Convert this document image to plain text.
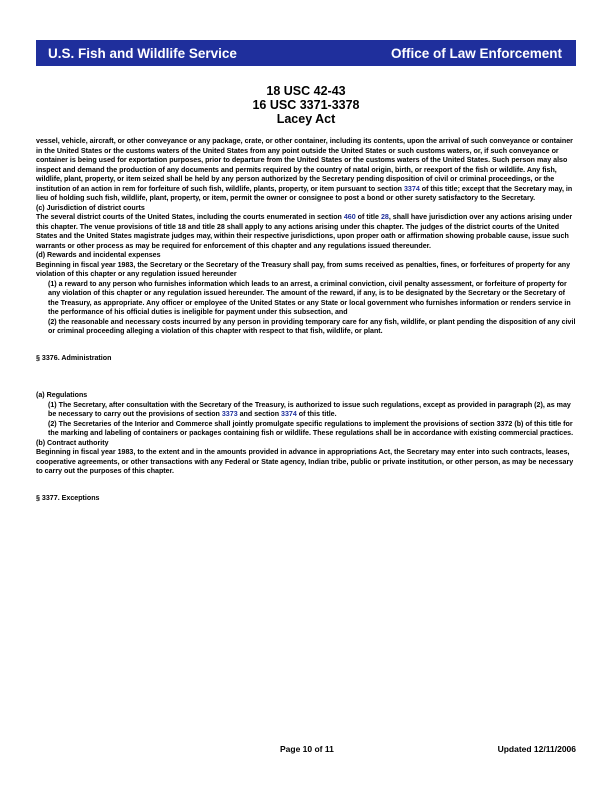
U.S. Fish and Wildlife Service	Office of Law Enforcement
18 USC 42-43
16 USC 3371-3378
Lacey Act

vessel, vehicle, aircraft, or other conveyance or any package, crate, or other container, including its contents, upon the arrival of such conveyance or container in the United States or the customs waters of the United States from any point outside the United States or such customs waters, or, if such conveyance or container is being used for exportation purposes, prior to departure from the United States or the customs waters of the United States. Such person may also inspect and demand the production of any documents and permits required by the country of natal origin, birth, or reexport of the fish or wildlife. Any fish, wildlife, plant, property, or item seized shall be held by any person authorized by the Secretary pending disposition of civil or criminal proceedings, or the institution of an action in rem for forfeiture of such fish, wildlife, plants, property, or item pursuant to section 3374 of this title; except that the Secretary may, in lieu of holding such fish, wildlife, plant, property, or item, permit the owner or consignee to post a bond or other surety satisfactory to the Secretary.

(c) Jurisdiction of district courts

The several district courts of the United States, including the courts enumerated in section 460 of title 28, shall have jurisdiction over any actions arising under this chapter. The venue provisions of title 18 and title 28 shall apply to any actions arising under this chapter. The judges of the district courts of the United States and the United States magistrate judges may, within their respective jurisdictions, upon proper oath or affirmation showing probable cause, issue such warrants or other process as may be required for enforcement of this chapter and any regulations issued thereunder.

(d) Rewards and incidental expenses

Beginning in fiscal year 1983, the Secretary or the Secretary of the Treasury shall pay, from sums received as penalties, fines, or forfeitures of property for any violation of this chapter or any regulation issued hereunder

(1) a reward to any person who furnishes information which leads to an arrest, a criminal conviction, civil penalty assessment, or forfeiture of property for any violation of this chapter or any regulation issued hereunder. The amount of the reward, if any, is to be designated by the Secretary or the Secretary of the Treasury, as appropriate. Any officer or employee of the United States or any State or local government who furnishes information or renders service in the performance of his official duties is ineligible for payment under this subsection, and

(2) the reasonable and necessary costs incurred by any person in providing temporary care for any fish, wildlife, or plant pending the disposition of any civil or criminal proceeding alleging a violation of this chapter with respect to that fish, wildlife, or plant.

§ 3376. Administration

(a) Regulations

(1) The Secretary, after consultation with the Secretary of the Treasury, is authorized to issue such regulations, except as provided in paragraph (2), as may be necessary to carry out the provisions of section 3373 and section 3374 of this title.

(2) The Secretaries of the Interior and Commerce shall jointly promulgate specific regulations to implement the provisions of section 3372 (b) of this title for the marking and labeling of containers or packages containing fish or wildlife. These regulations shall be in accordance with existing commercial practices.

(b) Contract authority

Beginning in fiscal year 1983, to the extent and in the amounts provided in advance in appropriations Act, the Secretary may enter into such contracts, leases, cooperative agreements, or other transactions with any Federal or State agency, Indian tribe, public or private institution, or other person, as may be necessary to carry out the purposes of this chapter.

§ 3377. Exceptions

Page 10 of 11	Updated 12/11/2006
